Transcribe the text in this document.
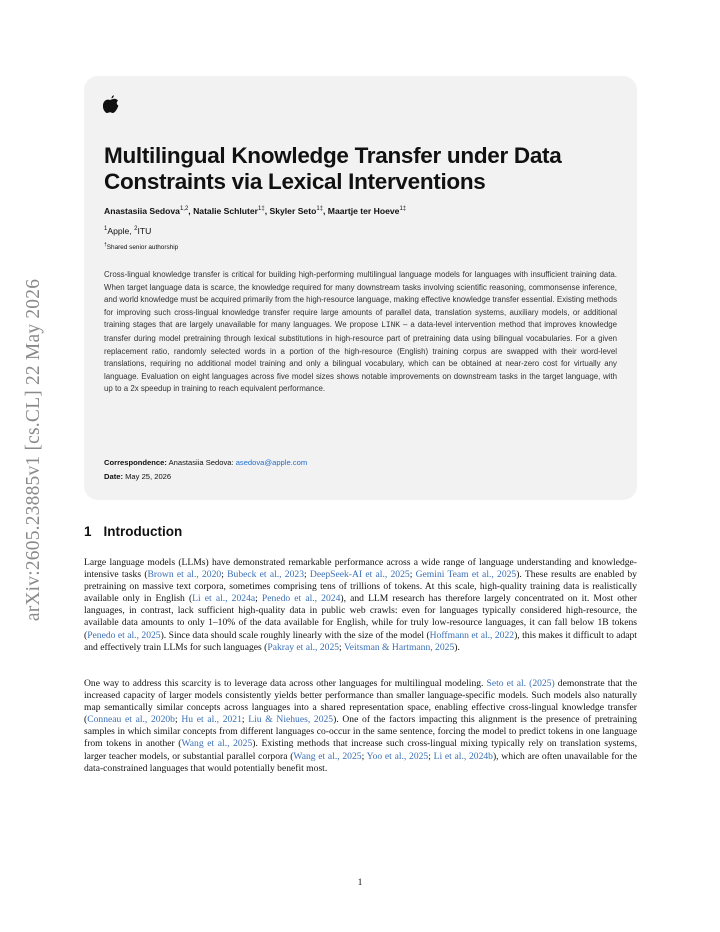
arXiv:2605.23885v1 [cs.CL] 22 May 2026
Multilingual Knowledge Transfer under Data Constraints via Lexical Interventions
Anastasiia Sedova$^{1,2}$, Natalie Schluter$^{1\ddagger}$, Skyler Seto$^{1\ddagger}$, Maartje ter Hoeve$^{1\ddagger}$
$^1$Apple, $^2$ITU
†Shared senior authorship

Cross-lingual knowledge transfer is critical for building high-performing multilingual language models for languages with insufficient training data. When target language data is scarce, the knowledge required for many downstream tasks involving scientific reasoning, commonsense inference, and world knowledge must be acquired primarily from the high-resource language, making effective knowledge transfer essential. Existing methods for improving such cross-lingual knowledge transfer require large amounts of parallel data, translation systems, auxiliary models, or additional training stages that are largely unavailable for many languages. We propose LINK – a data-level intervention method that improves knowledge transfer during model pretraining through lexical substitutions in high-resource part of pretraining data using bilingual vocabularies. For a given replacement ratio, randomly selected words in a portion of the high-resource (English) training corpus are swapped with their word-level translations, requiring no additional model training and only a bilingual vocabulary, which can be obtained at near-zero cost for virtually any language. Evaluation on eight languages across five model sizes shows notable improvements on downstream tasks in the target language, with up to a 2x speedup in training to reach equivalent performance.

Correspondence: Anastasiia Sedova: asedova@apple.com
Date: May 25, 2026
1 Introduction

Large language models (LLMs) have demonstrated remarkable performance across a wide range of language understanding and knowledge-intensive tasks (Brown et al., 2020; Bubeck et al., 2023; DeepSeek-AI et al., 2025; Gemini Team et al., 2025). These results are enabled by pretraining on massive text corpora, sometimes comprising tens of trillions of tokens. At this scale, high-quality training data is realistically available only in English (Li et al., 2024a; Penedo et al., 2024), and LLM research has therefore largely concentrated on it. Most other languages, in contrast, lack sufficient high-quality data in public web crawls: even for languages typically considered high-resource, the available data amounts to only 1–10% of the data available for English, while for truly low-resource languages, it can fall below 1B tokens (Penedo et al., 2025). Since data should scale roughly linearly with the size of the model (Hoffmann et al., 2022), this makes it difficult to adapt and effectively train LLMs for such languages (Pakray et al., 2025; Veitsman & Hartmann, 2025).

One way to address this scarcity is to leverage data across other languages for multilingual modeling. Seto et al. (2025) demonstrate that the increased capacity of larger models consistently yields better performance than smaller language-specific models. Such models also naturally map semantically similar concepts across languages into a shared representation space, enabling effective cross-lingual knowledge transfer (Conneau et al., 2020b; Hu et al., 2021; Liu & Niehues, 2025). One of the factors impacting this alignment is the presence of pretraining samples in which similar concepts from different languages co-occur in the same sentence, forcing the model to predict tokens in one language from tokens in another (Wang et al., 2025). Existing methods that increase such cross-lingual mixing typically rely on translation systems, larger teacher models, or substantial parallel corpora (Wang et al., 2025; Yoo et al., 2025; Li et al., 2024b), which are often unavailable for the data-constrained languages that would potentially benefit most.

1
